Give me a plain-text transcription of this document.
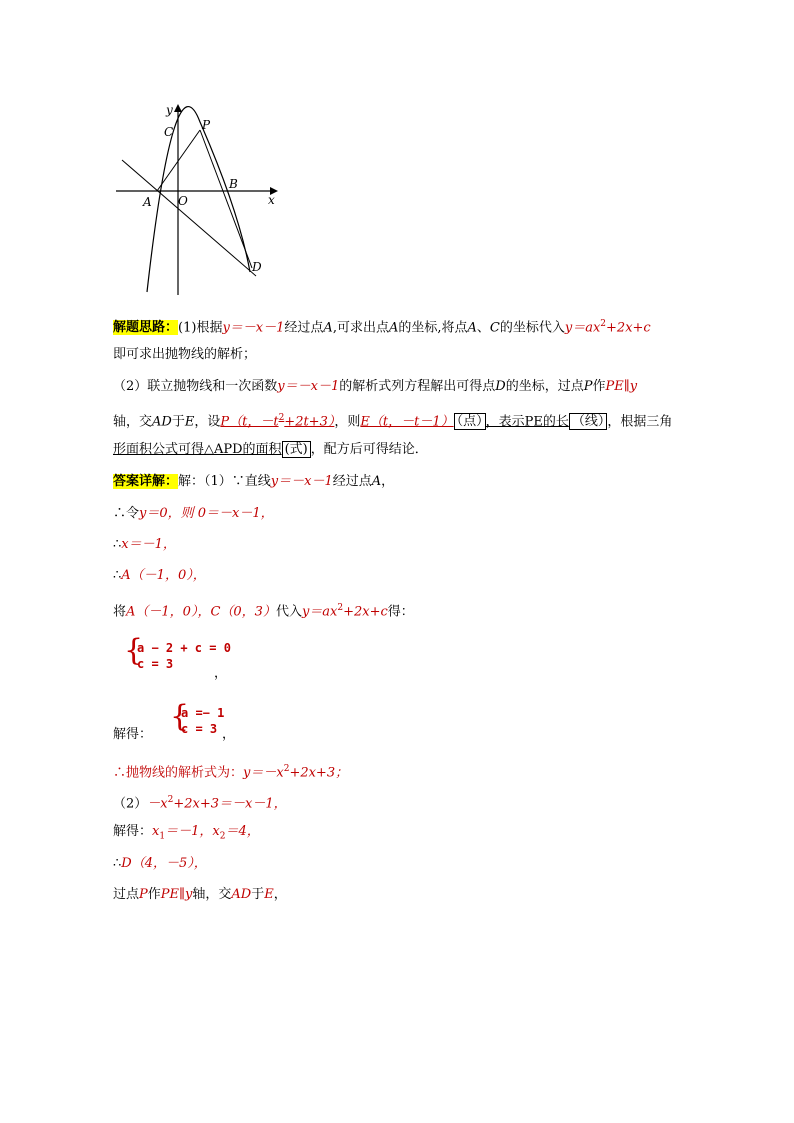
y
x
C P
B
A O
D
解题思路：(1)根据y＝－x－1经过点A,可求出点A的坐标,将点A、C的坐标代入$y=ax^2+2x+c$
即可求出抛物线的解析；
（2）联立抛物线和一次函数y＝－x－1的解析式列方程解出可得点D的坐标，过点P作PE∥y
轴，交AD于E，设P（t，$-t^2+2t+3$），则E（t，－t－1） （点） ，表示PE的长 （线） ，根据三角
形面积公式可得△APD的面积 (式) ，配方后可得结论．
答案详解：解：（1）∵直线y＝－x－1经过点A，
∴令y＝0，则 0＝－x－1，
∴x＝－1，
∴A（－1，0），
将A（－1，0），C（0，3）代入$y=ax^2+2x+c$得：
{
a − 2 + c = 0
c = 3
，
解得：
{
a =− 1
c = 3 ，
∴抛物线的解析式为：$y=-x^2+2x+3$；
$(2)-x^2+2x+3=-x-1$，
解得：$x_1=-1$，$x_2=4$，
∴D（4，－5），
过点P作PE∥y轴，交AD于E，
